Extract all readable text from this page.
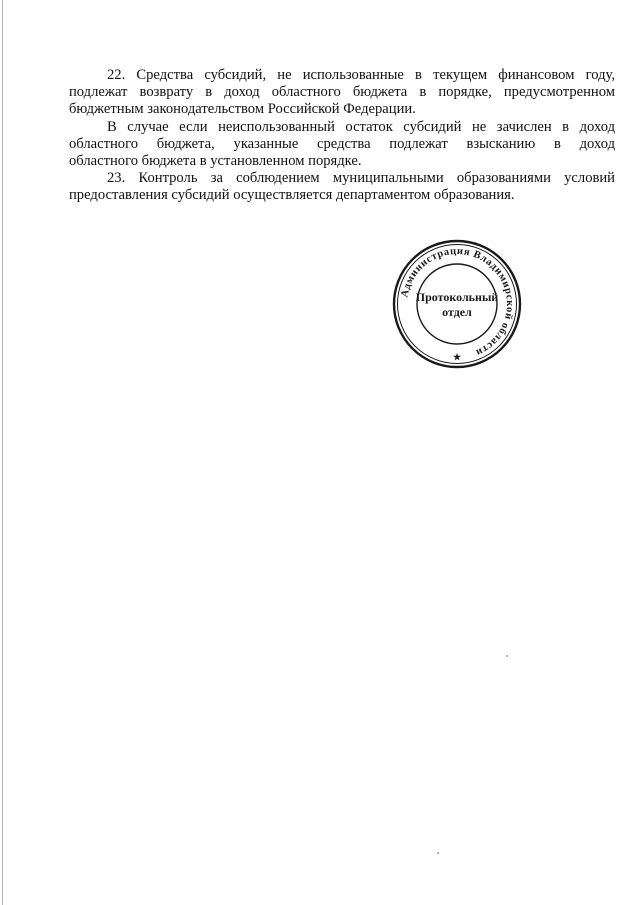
22. Средства субсидий, не использованные в текущем финансовом году,
подлежат возврату в доход областного бюджета в порядке, предусмотренном
бюджетным законодательством Российской Федерации.
В случае если неиспользованный остаток субсидий не зачислен в доход
областного бюджета, указанные средства подлежат взысканию в доход
областного бюджета в установленном порядке.
23. Контроль за соблюдением муниципальными образованиями условий
предоставления субсидий осуществляется департаментом образования.
Администрация Владимирской области
Протокольный
отдел
★
